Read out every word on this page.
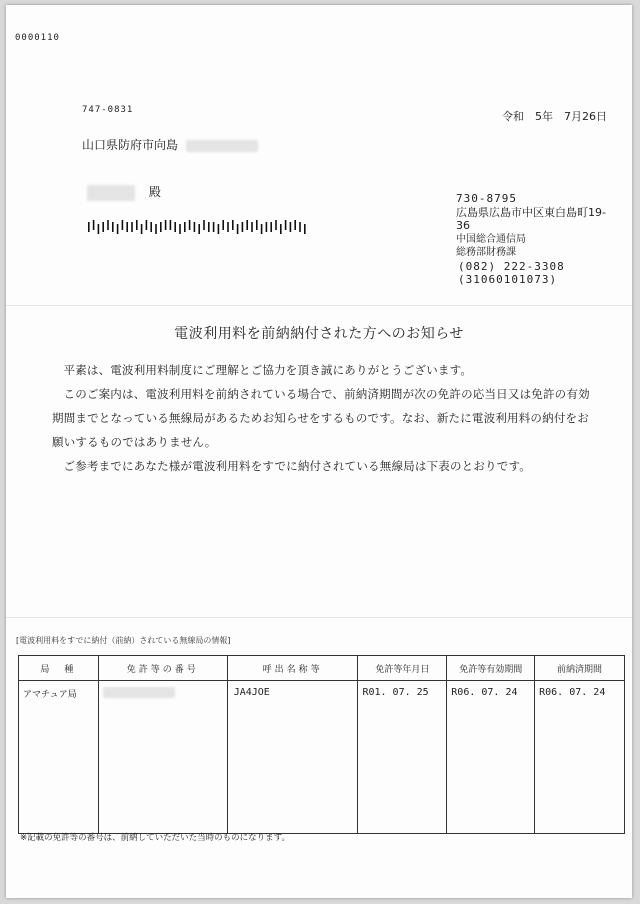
0000110
747-0831
山口県防府市向島
殿
令和　5年　7月26日
730-8795
広島県広島市中区東白島町19-
36
中国総合通信局
総務部財務課
(082) 222-3308
(31060101073)
電波利用料を前納納付された方へのお知らせ

平素は、電波利用料制度にご理解とご協力を頂き誠にありがとうございます。

このご案内は、電波利用料を前納されている場合で、前納済期間が次の免許の応当日又は免許の有効期間までとなっている無線局があるためお知らせをするものです。なお、新たに電波利用料の納付をお願いするものではありません。

ご参考までにあなた様が電波利用料をすでに納付されている無線局は下表のとおりです。

[電波利用料をすでに納付（前納）されている無線局の情報]
局　種	免許等の番号	呼出名称等	免許等年月日	免許等有効期間	前納済期間
アマチュア局		JA4JOE	R01. 07. 25	R06. 07. 24	R06. 07. 24
※記載の免許等の番号は、前納していただいた当時のものになります。
